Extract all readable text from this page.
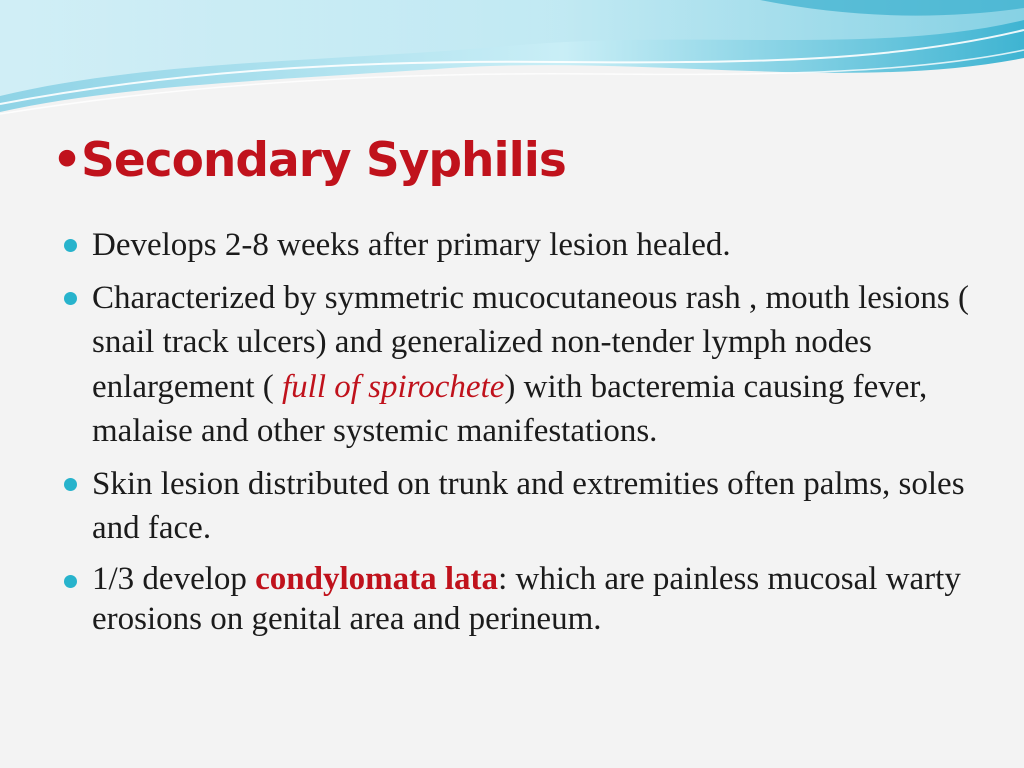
•Secondary Syphilis
Develops 2-8 weeks after primary lesion healed.
Characterized by symmetric mucocutaneous rash , mouth lesions ( snail track ulcers) and generalized non-tender lymph nodes enlargement ( full of spirochete) with bacteremia causing fever, malaise and other systemic manifestations.
Skin lesion distributed on trunk and extremities often palms, soles and face.
1/3 develop condylomata lata: which are painless mucosal warty erosions on genital area and perineum.
